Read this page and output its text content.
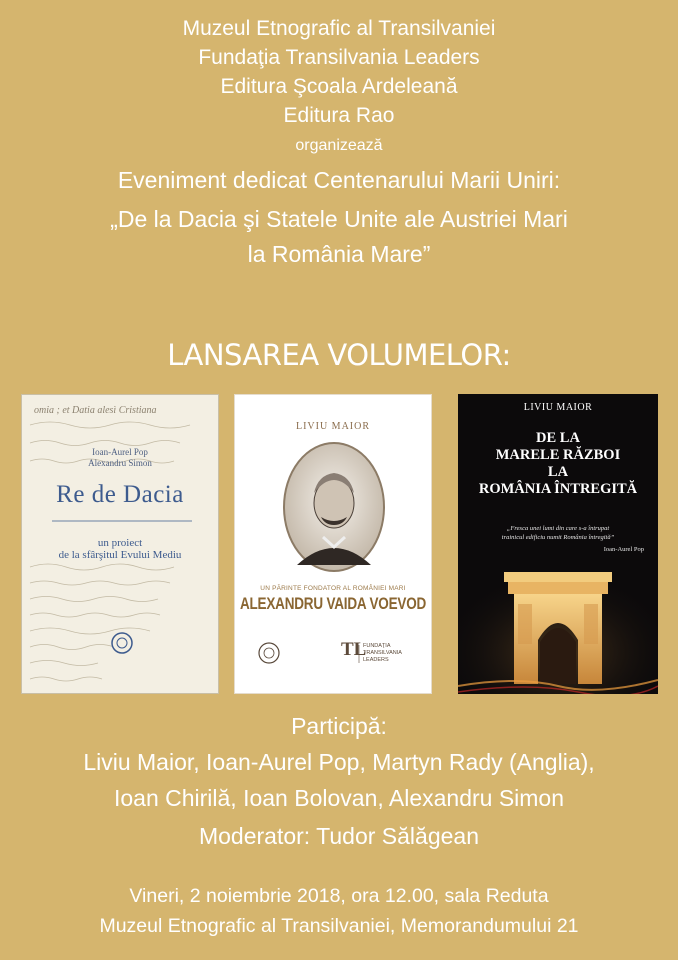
Muzeul Etnografic al Transilvaniei

Fundaţia Transilvania Leaders

Editura Şcoala Ardeleană

Editura Rao

organizează

Eveniment dedicat Centenarului Marii Uniri:

„De la Dacia şi Statele Unite ale Austriei Mari

la România Mare”

LANSAREA VOLUMELOR:
omia ; et Datia alesì Cristiana
Ioan-Aurel Pop
Alexandru Simon
Re de Dacia
un proiect
de la sfârşitul Evului Mediu
LIVIU MAIOR
UN PĂRINTE FONDATOR AL ROMÂNIEI MARI
ALEXANDRU VAIDA VOEVOD
TL
FUNDAŢIA
TRANSILVANIA
LEADERS
LIVIU MAIOR
DE LA
MARELE RĂZBOI
LA
ROMÂNIA ÎNTREGITĂ
„Fresca unei lumi din care s-a întrupat
trainicul edificiu numit România întregită”
Ioan-Aurel Pop
Participă:
Liviu Maior, Ioan-Aurel Pop, Martyn Rady (Anglia),
Ioan Chirilă, Ioan Bolovan, Alexandru Simon
Moderator: Tudor Sălăgean
Vineri, 2 noiembrie 2018, ora 12.00, sala Reduta
Muzeul Etnografic al Transilvaniei, Memorandumului 21
